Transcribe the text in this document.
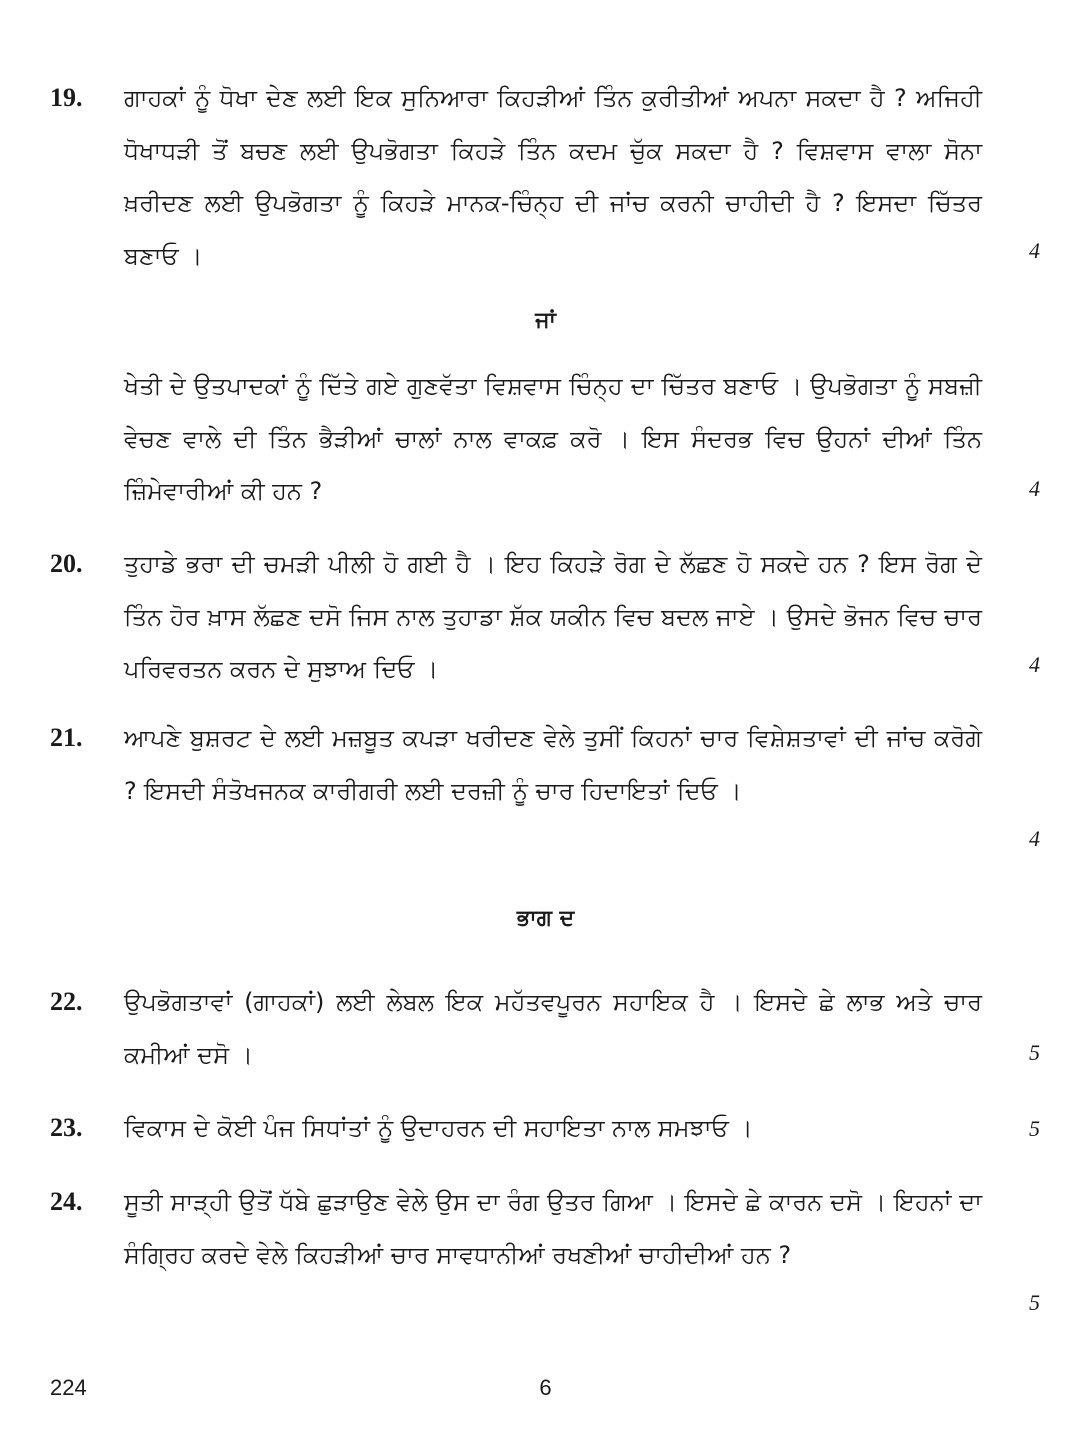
19. ਗਾਹਕਾਂ ਨੂੰ ਧੋਖਾ ਦੇਣ ਲਈ ਇਕ ਸੁਨਿਆਰਾ ਕਿਹੜੀਆਂ ਤਿੰਨ ਕੁਰੀਤੀਆਂ ਅਪਨਾ ਸਕਦਾ ਹੈ ? ਅਜਿਹੀ ਧੋਖਾਧੜੀ ਤੋਂ ਬਚਣ ਲਈ ਉਪਭੋਗਤਾ ਕਿਹੜੇ ਤਿੰਨ ਕਦਮ ਚੁੱਕ ਸਕਦਾ ਹੈ ? ਵਿਸ਼ਵਾਸ ਵਾਲਾ ਸੋਨਾ ਖ਼ਰੀਦਣ ਲਈ ਉਪਭੋਗਤਾ ਨੂੰ ਕਿਹੜੇ ਮਾਨਕ-ਚਿੰਨ੍ਹ ਦੀ ਜਾਂਚ ਕਰਨੀ ਚਾਹੀਦੀ ਹੈ ? ਇਸਦਾ ਚਿੱਤਰ ਬਣਾਓ ।	4
ਜਾਂ
ਖੇਤੀ ਦੇ ਉਤਪਾਦਕਾਂ ਨੂੰ ਦਿੱਤੇ ਗਏ ਗੁਣਵੱਤਾ ਵਿਸ਼ਵਾਸ ਚਿੰਨ੍ਹ ਦਾ ਚਿੱਤਰ ਬਣਾਓ । ਉਪਭੋਗਤਾ ਨੂੰ ਸਬਜ਼ੀ ਵੇਚਣ ਵਾਲੇ ਦੀ ਤਿੰਨ ਭੈੜੀਆਂ ਚਾਲਾਂ ਨਾਲ ਵਾਕਫ਼ ਕਰੋ । ਇਸ ਸੰਦਰਭ ਵਿਚ ਉਹਨਾਂ ਦੀਆਂ ਤਿੰਨ ਜ਼ਿੰਮੇਵਾਰੀਆਂ ਕੀ ਹਨ ?	4
20. ਤੁਹਾਡੇ ਭਰਾ ਦੀ ਚਮੜੀ ਪੀਲੀ ਹੋ ਗਈ ਹੈ । ਇਹ ਕਿਹੜੇ ਰੋਗ ਦੇ ਲੱਛਣ ਹੋ ਸਕਦੇ ਹਨ ? ਇਸ ਰੋਗ ਦੇ ਤਿੰਨ ਹੋਰ ਖ਼ਾਸ ਲੱਛਣ ਦਸੋ ਜਿਸ ਨਾਲ ਤੁਹਾਡਾ ਸ਼ੱਕ ਯਕੀਨ ਵਿਚ ਬਦਲ ਜਾਏ । ਉਸਦੇ ਭੋਜਨ ਵਿਚ ਚਾਰ ਪਰਿਵਰਤਨ ਕਰਨ ਦੇ ਸੁਝਾਅ ਦਿਓ ।	4
21. ਆਪਣੇ ਬੁਸ਼ਰਟ ਦੇ ਲਈ ਮਜ਼ਬੂਤ ਕਪੜਾ ਖਰੀਦਣ ਵੇਲੇ ਤੁਸੀਂ ਕਿਹਨਾਂ ਚਾਰ ਵਿਸ਼ੇਸ਼ਤਾਵਾਂ ਦੀ ਜਾਂਚ ਕਰੋਗੇ ? ਇਸਦੀ ਸੰਤੋਖਜਨਕ ਕਾਰੀਗਰੀ ਲਈ ਦਰਜ਼ੀ ਨੂੰ ਚਾਰ ਹਿਦਾਇਤਾਂ ਦਿਓ ।
4
ਭਾਗ ਦ
22. ਉਪਭੋਗਤਾਵਾਂ (ਗਾਹਕਾਂ) ਲਈ ਲੇਬਲ ਇਕ ਮਹੱਤਵਪੂਰਨ ਸਹਾਇਕ ਹੈ । ਇਸਦੇ ਛੇ ਲਾਭ ਅਤੇ ਚਾਰ ਕਮੀਆਂ ਦਸੋ ।	5
23. ਵਿਕਾਸ ਦੇ ਕੋਈ ਪੰਜ ਸਿਧਾਂਤਾਂ ਨੂੰ ਉਦਾਹਰਨ ਦੀ ਸਹਾਇਤਾ ਨਾਲ ਸਮਝਾਓ ।	5
24. ਸੂਤੀ ਸਾੜ੍ਹੀ ਉਤੋਂ ਧੱਬੇ ਛੁੜਾਉਣ ਵੇਲੇ ਉਸ ਦਾ ਰੰਗ ਉਤਰ ਗਿਆ । ਇਸਦੇ ਛੇ ਕਾਰਨ ਦਸੋ । ਇਹਨਾਂ ਦਾ ਸੰਗ੍ਰਿਹ ਕਰਦੇ ਵੇਲੇ ਕਿਹੜੀਆਂ ਚਾਰ ਸਾਵਧਾਨੀਆਂ ਰਖਣੀਆਂ ਚਾਹੀਦੀਆਂ ਹਨ ?
5
224	6
